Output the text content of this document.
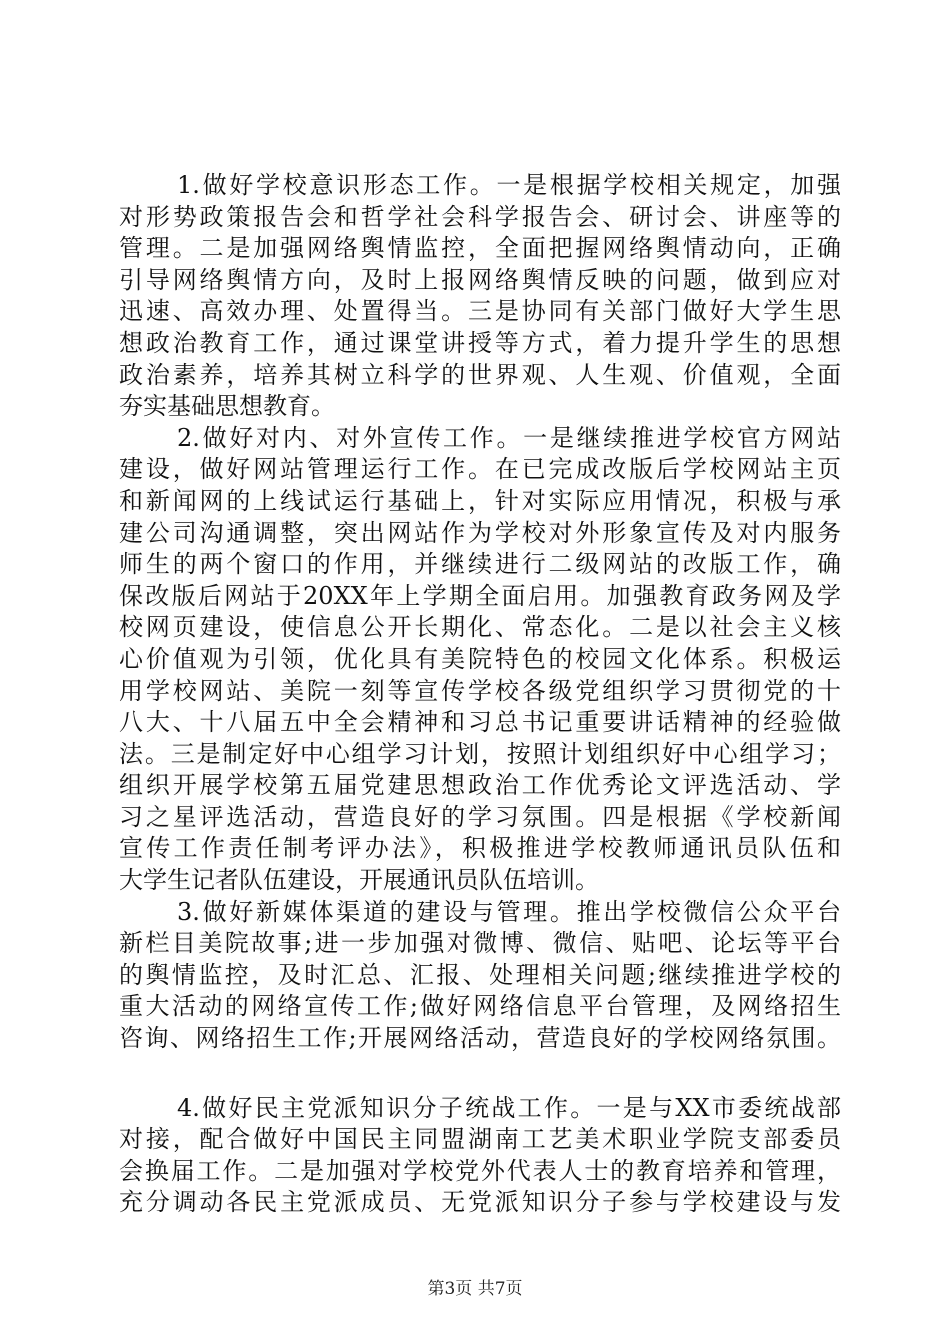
1.做好学校意识形态工作。一是根据学校相关规定，加强
对形势政策报告会和哲学社会科学报告会、研讨会、讲座等的
管理。二是加强网络舆情监控，全面把握网络舆情动向，正确
引导网络舆情方向，及时上报网络舆情反映的问题，做到应对
迅速、高效办理、处置得当。三是协同有关部门做好大学生思
想政治教育工作，通过课堂讲授等方式，着力提升学生的思想
政治素养，培养其树立科学的世界观、人生观、价值观，全面
夯实基础思想教育。
2.做好对内、对外宣传工作。一是继续推进学校官方网站
建设，做好网站管理运行工作。在已完成改版后学校网站主页
和新闻网的上线试运行基础上，针对实际应用情况，积极与承
建公司沟通调整，突出网站作为学校对外形象宣传及对内服务
师生的两个窗口的作用，并继续进行二级网站的改版工作，确
保改版后网站于20XX年上学期全面启用。加强教育政务网及学
校网页建设，使信息公开长期化、常态化。二是以社会主义核
心价值观为引领，优化具有美院特色的校园文化体系。积极运
用学校网站、美院一刻等宣传学校各级党组织学习贯彻党的十
八大、十八届五中全会精神和习总书记重要讲话精神的经验做
法。三是制定好中心组学习计划，按照计划组织好中心组学习；
组织开展学校第五届党建思想政治工作优秀论文评选活动、学
习之星评选活动，营造良好的学习氛围。四是根据《学校新闻
宣传工作责任制考评办法》，积极推进学校教师通讯员队伍和
大学生记者队伍建设，开展通讯员队伍培训。
3.做好新媒体渠道的建设与管理。推出学校微信公众平台
新栏目美院故事;进一步加强对微博、微信、贴吧、论坛等平台
的舆情监控，及时汇总、汇报、处理相关问题;继续推进学校的
重大活动的网络宣传工作;做好网络信息平台管理，及网络招生
咨询、网络招生工作;开展网络活动，营造良好的学校网络氛围。
4.做好民主党派知识分子统战工作。一是与XX市委统战部
对接，配合做好中国民主同盟湖南工艺美术职业学院支部委员
会换届工作。二是加强对学校党外代表人士的教育培养和管理，
充分调动各民主党派成员、无党派知识分子参与学校建设与发
第3页 共7页
